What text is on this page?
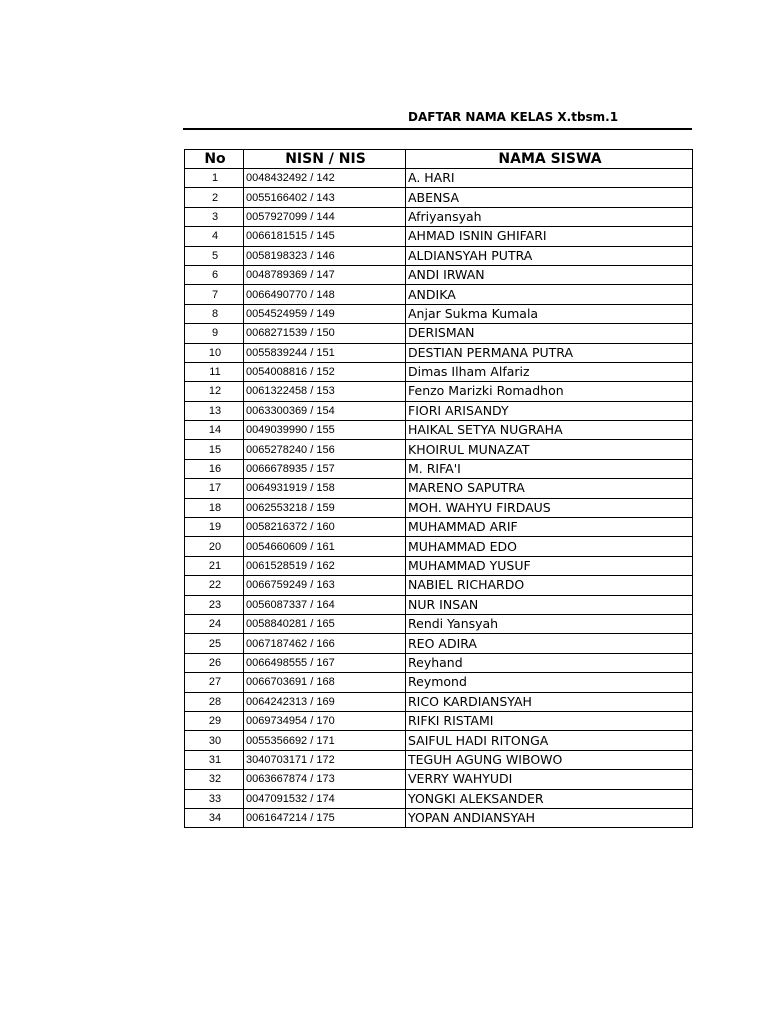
DAFTAR NAMA KELAS X.tbsm.1
No	NISN / NIS	NAMA SISWA
1	0048432492 / 142	A. HARI
2	0055166402 / 143	ABENSA
3	0057927099 / 144	Afriyansyah
4	0066181515 / 145	AHMAD ISNIN GHIFARI
5	0058198323 / 146	ALDIANSYAH PUTRA
6	0048789369 / 147	ANDI IRWAN
7	0066490770 / 148	ANDIKA
8	0054524959 / 149	Anjar Sukma Kumala
9	0068271539 / 150	DERISMAN
10	0055839244 / 151	DESTIAN PERMANA PUTRA
11	0054008816 / 152	Dimas Ilham Alfariz
12	0061322458 / 153	Fenzo Marizki Romadhon
13	0063300369 / 154	FIORI ARISANDY
14	0049039990 / 155	HAIKAL SETYA NUGRAHA
15	0065278240 / 156	KHOIRUL MUNAZAT
16	0066678935 / 157	M. RIFA'I
17	0064931919 / 158	MARENO SAPUTRA
18	0062553218 / 159	MOH. WAHYU FIRDAUS
19	0058216372 / 160	MUHAMMAD ARIF
20	0054660609 / 161	MUHAMMAD EDO
21	0061528519 / 162	MUHAMMAD YUSUF
22	0066759249 / 163	NABIEL RICHARDO
23	0056087337 / 164	NUR INSAN
24	0058840281 / 165	Rendi Yansyah
25	0067187462 / 166	REO ADIRA
26	0066498555 / 167	Reyhand
27	0066703691 / 168	Reymond
28	0064242313 / 169	RICO KARDIANSYAH
29	0069734954 / 170	RIFKI RISTAMI
30	0055356692 / 171	SAIFUL HADI RITONGA
31	3040703171 / 172	TEGUH AGUNG WIBOWO
32	0063667874 / 173	VERRY WAHYUDI
33	0047091532 / 174	YONGKI ALEKSANDER
34	0061647214 / 175	YOPAN ANDIANSYAH
